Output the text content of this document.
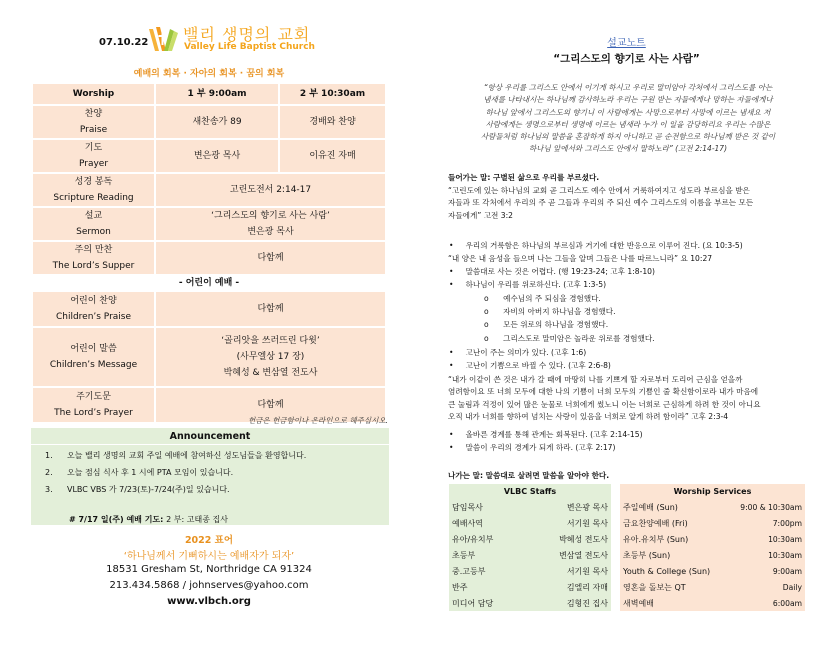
07.10.22 밸리 생명의 교회
Valley Life Baptist Church
예배의 회복 · 자아의 회복 · 꿈의 회복
Worship	1 부 9:00am	2 부 10:30am
찬양
Praise	새찬송가 89	경배와 찬양
기도
Prayer	변은광 목사	이유진 자매
성경 봉독
Scripture Reading	고린도전서 2:14-17	
설교
Sermon	‘그리스도의 향기로 사는 사람’
변은광 목사	
주의 만찬
The Lord’s Supper	다함께	
- 어린이 예배 -		
어린이 찬양
Children’s Praise	다함께	
어린이 말씀
Children’s Message	‘골리앗을 쓰러뜨린 다윗’
(사무엘상 17 장)
박혜성 & 변삼열 전도사	
주기도문
The Lord’s Prayer	다함께	
헌금은 헌금함이나 온라인으로 해주십시오.
Announcement
1. 오늘 밸리 생명의 교회 주일 예배에 참여하신 성도님들을 환영합니다.
2. 오늘 점심 식사 후 1 시에 PTA 모임이 있습니다.
3. VLBC VBS 가 7/23(토)-7/24(주)일 있습니다.
# 7/17 일(주) 예배 기도: 2 부: 고태종 집사
2022 표어
‘하나님께서 기뻐하시는 예배자가 되자’
18531 Gresham St, Northridge CA 91324
213.434.5868 / johnserves@yahoo.com
www.vlbch.org
설교노트
“그리스도의 향기로 사는 사람”
“항상 우리를 그리스도 안에서 이기게 하시고 우리로 말미암아 각처에서 그리스도를 아는
냄새를 나타내시는 하나님께 감사하노라 우리는 구원 받는 자들에게나 망하는 자들에게나
하나님 앞에서 그리스도의 향기니 이 사람에게는 사망으로부터 사망에 이르는 냄새요 저
사람에게는 생명으로부터 생명에 이르는 냄새라 누가 이 일을 감당하리요 우리는 수많은
사람들처럼 하나님의 말씀을 혼잡하게 하지 아니하고 곧 순전함으로 하나님께 받은 것 같이
하나님 앞에서와 그리스도 안에서 말하노라” (고전 2:14-17)
들어가는 말: 구별된 삶으로 우리를 부르셨다.
“고린도에 있는 하나님의 교회 곧 그리스도 예수 안에서 거룩하여지고 성도라 부르심을 받은
자들과 또 각처에서 우리의 주 곧 그들과 우리의 주 되신 예수 그리스도의 이름을 부르는 모든
자들에게” 고전 3:2
•     우리의 거룩함은 하나님의 부르심과 거기에 대한 반응으로 이루어 진다. (요 10:3-5)
“내 양은 내 음성을 들으며 나는 그들을 알며 그들은 나를 따르느니라” 요 10:27
•     말씀대로 사는 것은 어렵다. (행 19:23-24; 고후 1:8-10)
•     하나님이 우리를 위로하신다. (고후 1:3-5)
o      예수님의 주 되심을 경험했다.
o      자비의 아버지 하나님을 경험했다.
o      모든 위로의 하나님을 경험했다.
o      그리스도로 말미암은 놀라운 위로를 경험했다.
•     고난이 주는 의미가 있다. (고후 1:6)
•     고난이 기쁨으로 바뀔 수 있다. (고후 2:6-8)
“내가 이같이 쓴 것은 내가 갈 때에 마땅히 나를 기쁘게 할 자로부터 도리어 근심을 얻을까
염려함이요 또 너희 모두에 대한 나의 기쁨이 너희 모두의 기쁨인 줄 확신함이로라 내가 마음에
큰 눌림과 걱정이 있어 많은 눈물로 너희에게 썼노니 이는 너희로 근심하게 하려 한 것이 아니요
오직 내가 너희를 향하여 넘치는 사랑이 있음을 너희로 알게 하려 함이라” 고후 2:3-4
•     올바른 경계를 통해 관계는 회복된다. (고후 2:14-15)
•     말씀이 우리의 경계가 되게 하라. (고후 2:17)
나가는 말: 말씀대로 살려면 말씀을 알아야 한다.
VLBC Staffs	
담임목사	변은광 목사
예배사역	서기원 목사
유아/유치부	박혜성 전도사
초등부	변삼열 전도사
중.고등부	서기원 목사
반주	김엘리 자매
미디어 담당	김형진 집사
Worship Services	
주일예배 (Sun)	9:00 & 10:30am
금요찬양예배 (Fri)	7:00pm
유아.유치부 (Sun)	10:30am
초등부 (Sun)	10:30am
Youth & College (Sun)	9:00am
영혼을 돌보는 QT	Daily
새벽예배	6:00am
